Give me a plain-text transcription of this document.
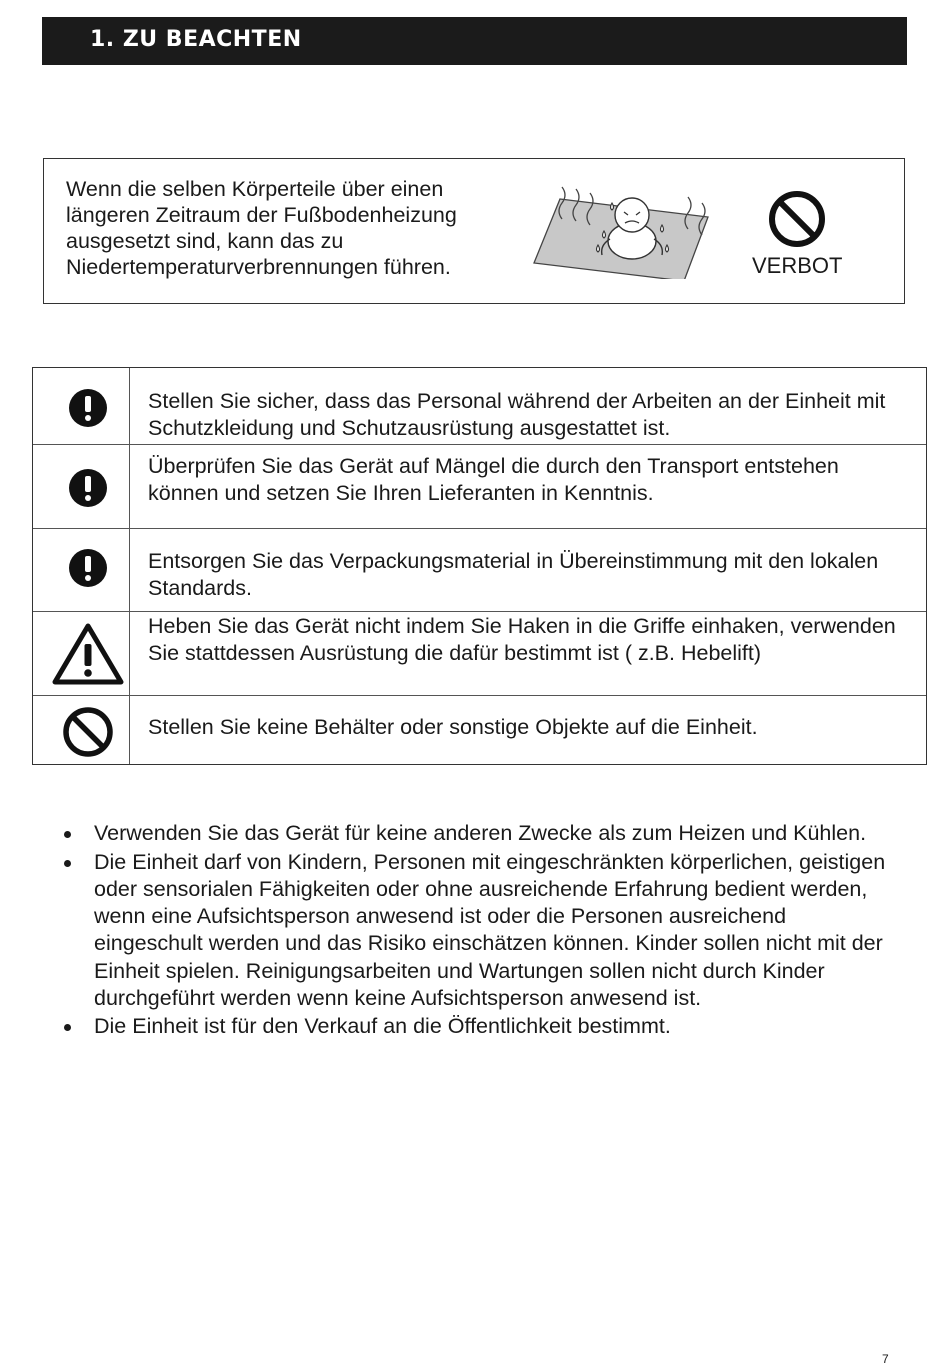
1. ZU BEACHTEN
Wenn die selben Körperteile über einen
längeren Zeitraum der Fußbodenheizung
ausgesetzt sind, kann das zu
Niedertemperaturverbrennungen führen.	VERBOT
Stellen Sie sicher, dass das Personal während der Arbeiten an der Einheit mit Schutzkleidung und Schutzausrüstung ausgestattet ist.
Überprüfen Sie das Gerät auf Mängel die durch den Transport entstehen können und setzen Sie Ihren Lieferanten in Kenntnis.
Entsorgen Sie das Verpackungsmaterial in Übereinstimmung mit den lokalen Standards.
Heben Sie das Gerät nicht indem Sie Haken in die Griffe einhaken, verwenden Sie stattdessen Ausrüstung die dafür bestimmt ist ( z.B. Hebelift)
Stellen Sie keine Behälter oder sonstige Objekte auf die Einheit.
Verwenden Sie das Gerät für keine anderen Zwecke als zum Heizen und Kühlen.
Die Einheit darf von Kindern, Personen mit eingeschränkten körperlichen, geistigen oder sensorialen Fähigkeiten oder ohne ausreichende Erfahrung bedient werden, wenn eine Aufsichtsperson anwesend ist oder die Personen ausreichend eingeschult werden und das Risiko einschätzen können. Kinder sollen nicht mit der Einheit spielen. Reinigungsarbeiten und Wartungen sollen nicht durch Kinder durchgeführt werden wenn keine Aufsichtsperson anwesend ist.
Die Einheit ist für den Verkauf an die Öffentlichkeit bestimmt.
7
